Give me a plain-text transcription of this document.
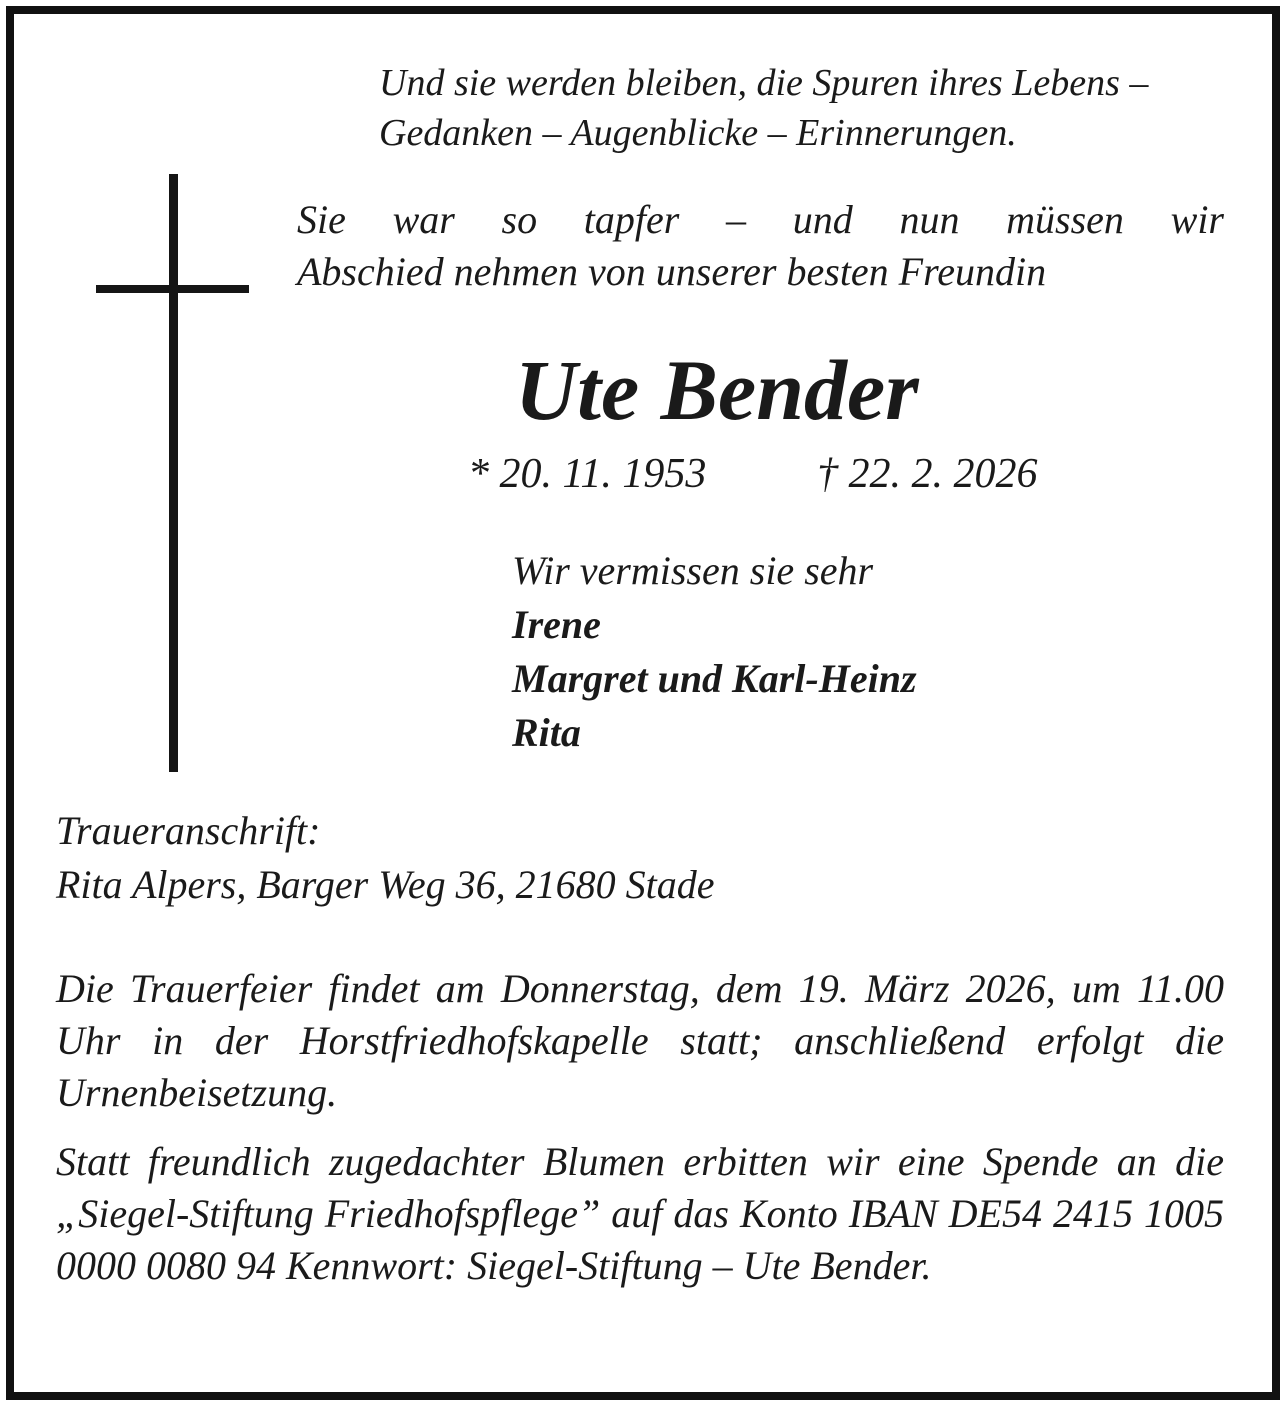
Und sie werden bleiben, die Spuren ihres Lebens –
Gedanken – Augenblicke – Erinnerungen.
Sie war so tapfer – und nun müssen wir
Abschied nehmen von unserer besten Freundin
Ute Bender
* 20. 11. 1953	† 22. 2. 2026
Wir vermissen sie sehr
Irene
Margret und Karl-Heinz
Rita
Traueranschrift:
Rita Alpers, Barger Weg 36, 21680 Stade
Die Trauerfeier findet am Donnerstag, dem 19. März 2026, um 11.00 Uhr in der Horstfriedhofskapelle statt; anschließend erfolgt die Urnenbeisetzung.
Statt freundlich zugedachter Blumen erbitten wir eine Spende an die „Siegel-Stiftung Friedhofspflege” auf das Konto IBAN DE54 2415 1005 0000 0080 94 Kennwort: Siegel-Stiftung – Ute Bender.
